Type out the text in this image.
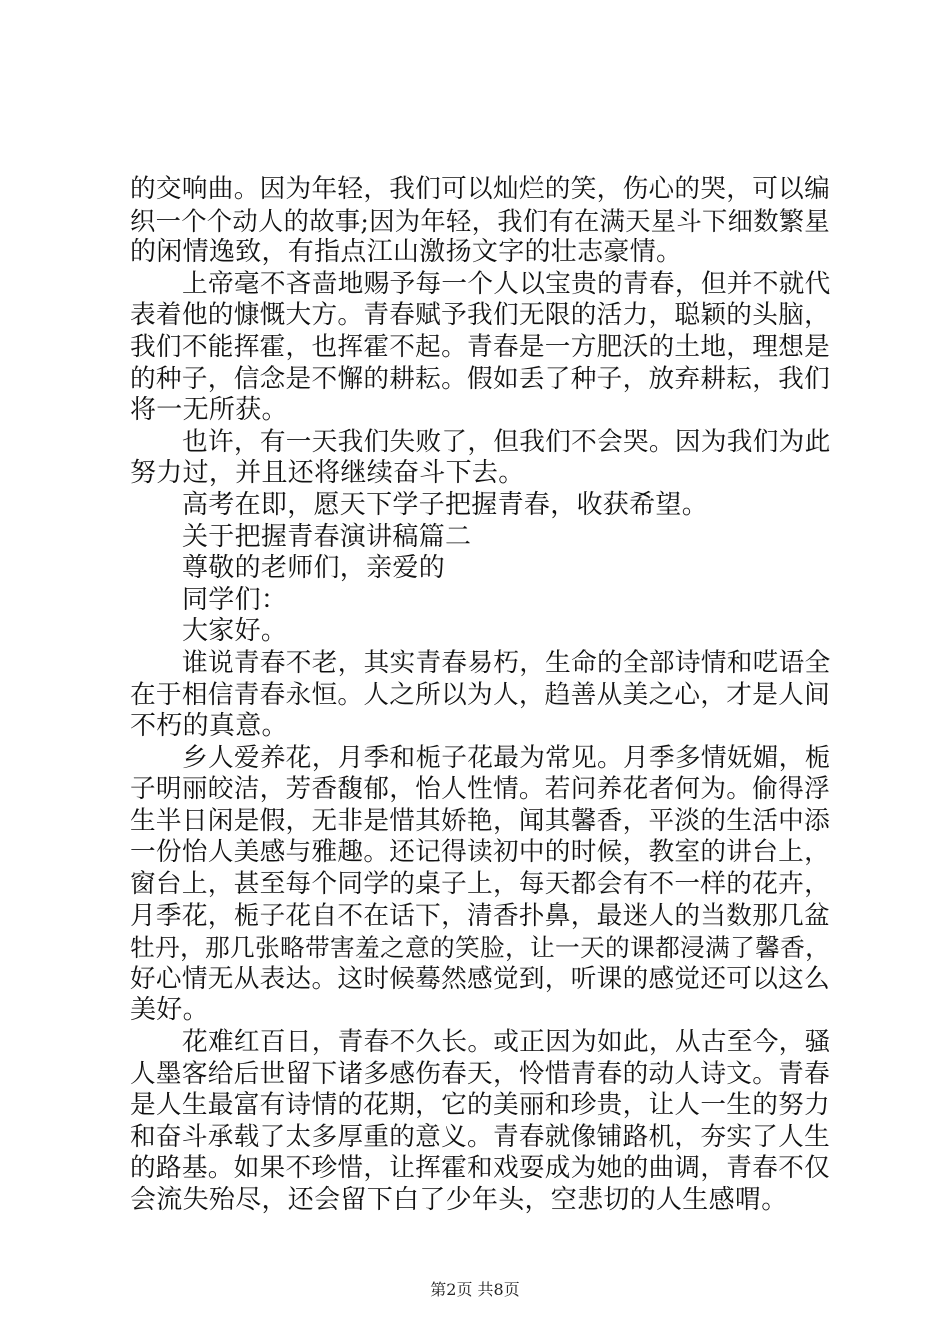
的交响曲。因为年轻，我们可以灿烂的笑，伤心的哭，可以编
织一个个动人的故事;因为年轻，我们有在满天星斗下细数繁星
的闲情逸致，有指点江山激扬文字的壮志豪情。
上帝毫不吝啬地赐予每一个人以宝贵的青春，但并不就代
表着他的慷慨大方。青春赋予我们无限的活力，聪颖的头脑，
我们不能挥霍，也挥霍不起。青春是一方肥沃的土地，理想是
的种子，信念是不懈的耕耘。假如丢了种子，放弃耕耘，我们
将一无所获。
也许，有一天我们失败了，但我们不会哭。因为我们为此
努力过，并且还将继续奋斗下去。
高考在即，愿天下学子把握青春，收获希望。
关于把握青春演讲稿篇二
尊敬的老师们，亲爱的
同学们：
大家好。
谁说青春不老，其实青春易朽，生命的全部诗情和呓语全
在于相信青春永恒。人之所以为人，趋善从美之心，才是人间
不朽的真意。
乡人爱养花，月季和栀子花最为常见。月季多情妩媚，栀
子明丽皎洁，芳香馥郁，怡人性情。若问养花者何为。偷得浮
生半日闲是假，无非是惜其娇艳，闻其馨香，平淡的生活中添
一份怡人美感与雅趣。还记得读初中的时候，教室的讲台上，
窗台上，甚至每个同学的桌子上，每天都会有不一样的花卉，
月季花，栀子花自不在话下，清香扑鼻，最迷人的当数那几盆
牡丹，那几张略带害羞之意的笑脸，让一天的课都浸满了馨香，
好心情无从表达。这时候蓦然感觉到，听课的感觉还可以这么
美好。
花难红百日，青春不久长。或正因为如此，从古至今，骚
人墨客给后世留下诸多感伤春天，怜惜青春的动人诗文。青春
是人生最富有诗情的花期，它的美丽和珍贵，让人一生的努力
和奋斗承载了太多厚重的意义。青春就像铺路机，夯实了人生
的路基。如果不珍惜，让挥霍和戏耍成为她的曲调，青春不仅
会流失殆尽，还会留下白了少年头，空悲切的人生感喟。
第2页 共8页
